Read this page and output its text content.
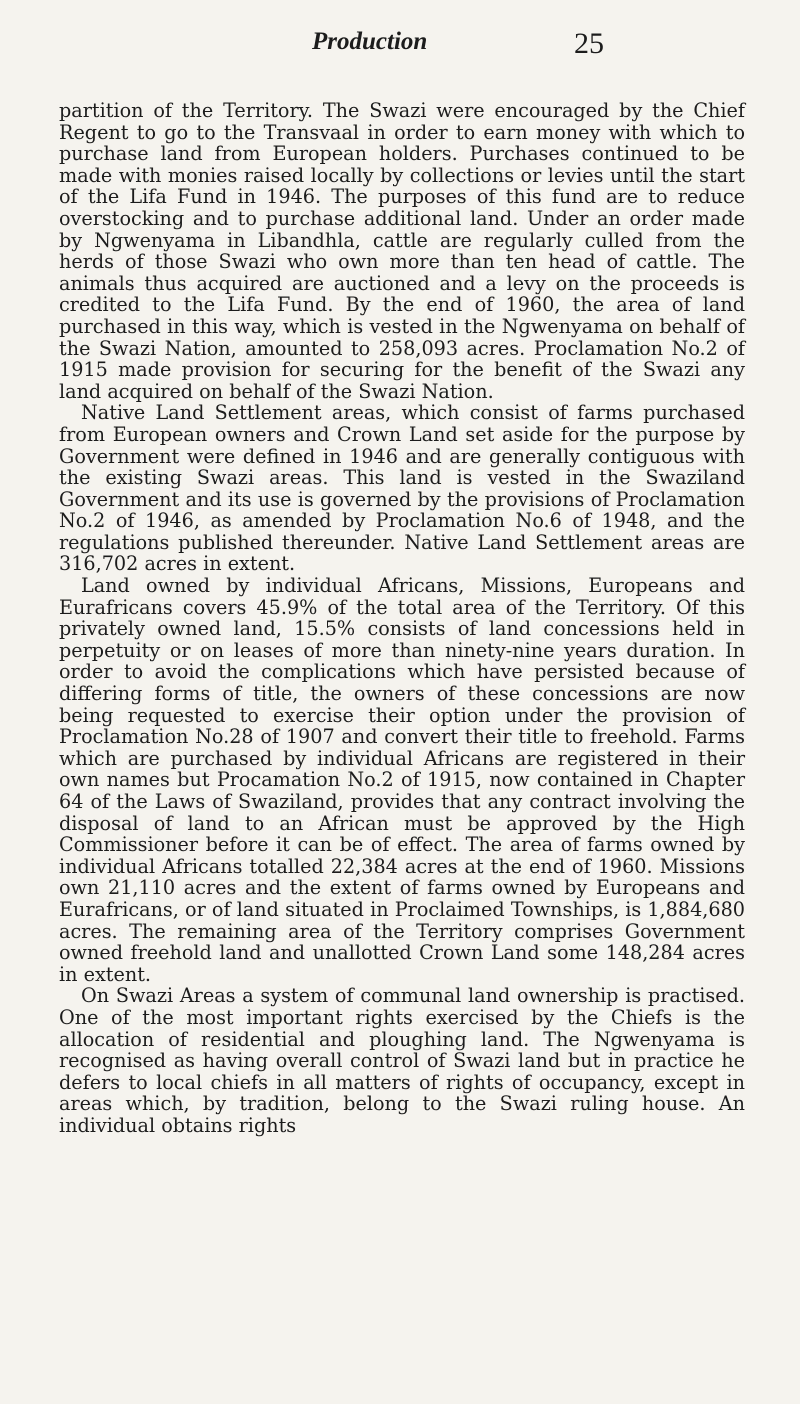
Production	25

partition of the Territory. The Swazi were encouraged by the Chief Regent to go to the Transvaal in order to earn money with which to purchase land from European holders. Purchases continued to be made with monies raised locally by collections or levies until the start of the Lifa Fund in 1946. The purposes of this fund are to reduce overstocking and to purchase additional land. Under an order made by Ngwenyama in Libandhla, cattle are regularly culled from the herds of those Swazi who own more than ten head of cattle. The animals thus acquired are auctioned and a levy on the proceeds is credited to the Lifa Fund. By the end of 1960, the area of land purchased in this way, which is vested in the Ngwenyama on behalf of the Swazi Nation, amounted to 258,093 acres. Proclamation No.2 of 1915 made provision for securing for the benefit of the Swazi any land acquired on behalf of the Swazi Nation.

Native Land Settlement areas, which consist of farms purchased from European owners and Crown Land set aside for the purpose by Government were defined in 1946 and are generally contiguous with the existing Swazi areas. This land is vested in the Swaziland Government and its use is governed by the provisions of Proclamation No.2 of 1946, as amended by Proclamation No.6 of 1948, and the regulations published thereunder. Native Land Settlement areas are 316,702 acres in extent.

Land owned by individual Africans, Missions, Europeans and Eurafricans covers 45.9% of the total area of the Territory. Of this privately owned land, 15.5% consists of land concessions held in perpetuity or on leases of more than ninety-nine years duration. In order to avoid the complications which have persisted because of differing forms of title, the owners of these concessions are now being requested to exercise their option under the provision of Proclamation No.28 of 1907 and convert their title to freehold. Farms which are purchased by individual Africans are registered in their own names but Procamation No.2 of 1915, now contained in Chapter 64 of the Laws of Swaziland, provides that any contract involving the disposal of land to an African must be approved by the High Commissioner before it can be of effect. The area of farms owned by individual Africans totalled 22,384 acres at the end of 1960. Missions own 21,110 acres and the extent of farms owned by Europeans and Eurafricans, or of land situated in Proclaimed Townships, is 1,884,680 acres. The remaining area of the Territory comprises Government owned freehold land and unallotted Crown Land some 148,284 acres in extent.

On Swazi Areas a system of communal land ownership is practised. One of the most important rights exercised by the Chiefs is the allocation of residential and ploughing land. The Ngwenyama is recognised as having overall control of Swazi land but in practice he defers to local chiefs in all matters of rights of occupancy, except in areas which, by tradition, belong to the Swazi ruling house. An individual obtains rights
